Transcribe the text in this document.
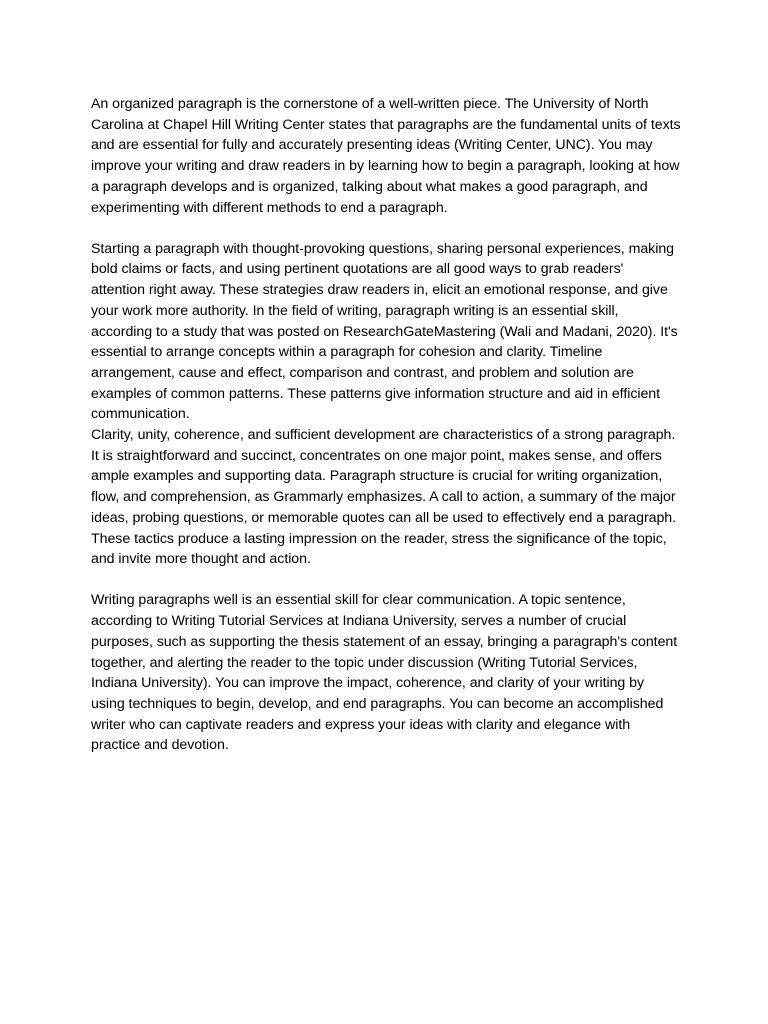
An organized paragraph is the cornerstone of a well-written piece. The University of North Carolina at Chapel Hill Writing Center states that paragraphs are the fundamental units of texts and are essential for fully and accurately presenting ideas (Writing Center, UNC). You may improve your writing and draw readers in by learning how to begin a paragraph, looking at how a paragraph develops and is organized, talking about what makes a good paragraph, and experimenting with different methods to end a paragraph.

Starting a paragraph with thought-provoking questions, sharing personal experiences, making bold claims or facts, and using pertinent quotations are all good ways to grab readers' attention right away. These strategies draw readers in, elicit an emotional response, and give your work more authority. In the field of writing, paragraph writing is an essential skill, according to a study that was posted on ResearchGateMastering (Wali and Madani, 2020). It's essential to arrange concepts within a paragraph for cohesion and clarity. Timeline arrangement, cause and effect, comparison and contrast, and problem and solution are examples of common patterns. These patterns give information structure and aid in efficient communication.

Clarity, unity, coherence, and sufficient development are characteristics of a strong paragraph. It is straightforward and succinct, concentrates on one major point, makes sense, and offers ample examples and supporting data. Paragraph structure is crucial for writing organization, flow, and comprehension, as Grammarly emphasizes. A call to action, a summary of the major ideas, probing questions, or memorable quotes can all be used to effectively end a paragraph. These tactics produce a lasting impression on the reader, stress the significance of the topic, and invite more thought and action.

Writing paragraphs well is an essential skill for clear communication. A topic sentence, according to Writing Tutorial Services at Indiana University, serves a number of crucial purposes, such as supporting the thesis statement of an essay, bringing a paragraph's content together, and alerting the reader to the topic under discussion (Writing Tutorial Services, Indiana University). You can improve the impact, coherence, and clarity of your writing by using techniques to begin, develop, and end paragraphs. You can become an accomplished writer who can captivate readers and express your ideas with clarity and elegance with practice and devotion.
